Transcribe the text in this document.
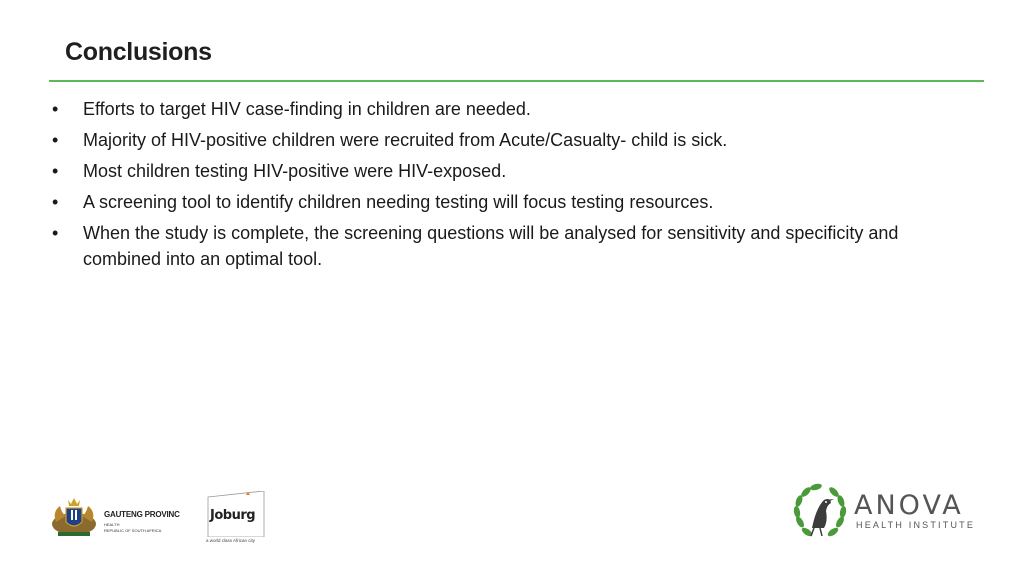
Conclusions
• Efforts to target HIV case-finding in children are needed.
• Majority of HIV-positive children were recruited from Acute/Casualty- child is sick.
• Most children testing HIV-positive were HIV-exposed.
• A screening tool to identify children needing testing will focus testing resources.
• When the study is complete, the screening questions will be analysed for sensitivity and specificity and combined into an optimal tool.
GAUTENG PROVINC
HEALTH
REPUBLIC OF SOUTH AFRICA
Joburg
a world class African city
ANOVA
HEALTH INSTITUTE
